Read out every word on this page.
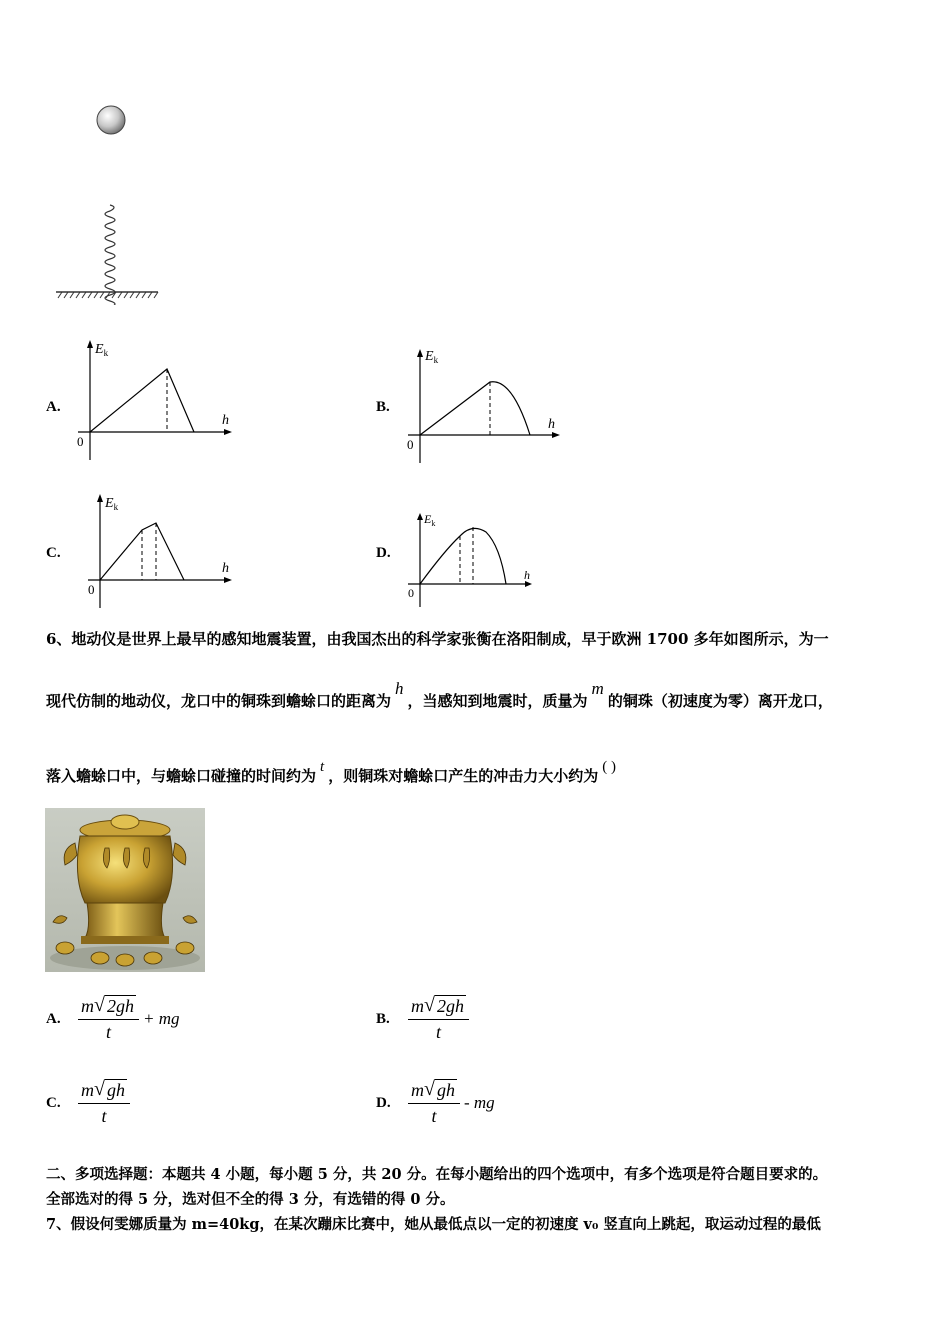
A.
$E_k$
h
0
B.
$E_k$
h
0
C.
$E_k$
h
0
D.
$E_k$
h
0
6、地动仪是世界上最早的感知地震装置，由我国杰出的科学家张衡在洛阳制成，早于欧洲 1700 多年如图所示，为一
现代仿制的地动仪，龙口中的铜珠到蟾蜍口的距离为h，当感知到地震时，质量为m的铜珠（初速度为零）离开龙口，
落入蟾蜍口中，与蟾蜍口碰撞的时间约为 t ，则铜珠对蟾蜍口产生的冲击力大小约为 ( )
A. $\frac{m √ 2gh}{t}$ + mg	B.	$\frac{m √ 2gh}{t}$
C. $\frac{m √ gh}{t}$	D. $\frac{m √ gh}{t}$ - mg
二、多项选择题：本题共 4 小题，每小题 5 分，共 20 分。在每小题给出的四个选项中，有多个选项是符合题目要求的。
全部选对的得 5 分，选对但不全的得 3 分，有选错的得 0 分。
7、假设何雯娜质量为 m=40kg，在某次蹦床比赛中，她从最低点以一定的初速度 v₀ 竖直向上跳起，取运动过程的最低
